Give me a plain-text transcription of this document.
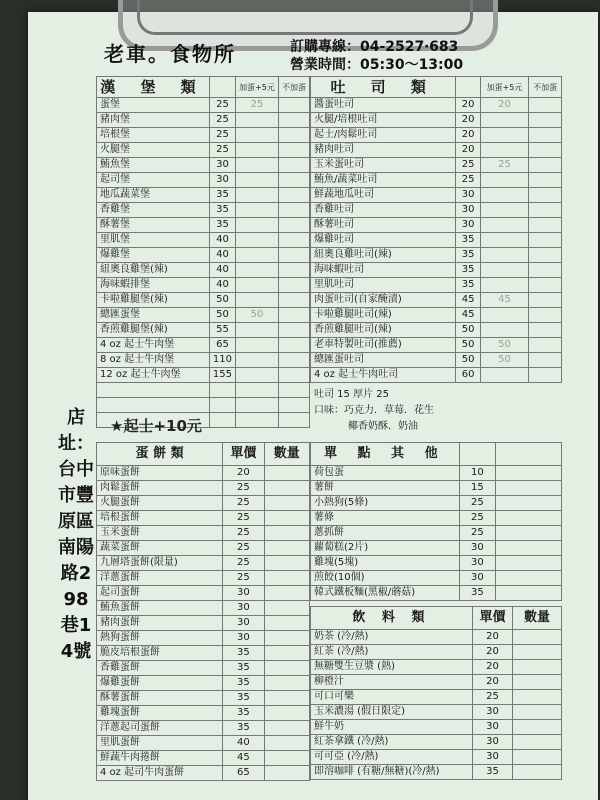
老車。食物所	訂購專線：04-2527‧683
營業時間：05:30～13:00
店址：台中市豐原區南陽路298巷14號
漢 堡 類		加蛋+5元	不加蛋
蛋堡	25	25	
豬肉堡	25		
培根堡	25		
火腿堡	25		
鮪魚堡	30		
起司堡	30		
地瓜蔬菜堡	35		
香雞堡	35		
酥薯堡	35		
里肌堡	40		
爆雞堡	40		
紐奧良雞堡(辣)	40		
海味蝦排堡	40		
卡啦雞腿堡(辣)	50		
總匯蛋堡	50	50	
香煎雞腿堡(辣)	55		
4 oz 起士牛肉堡	65		
8 oz 起士牛肉堡	110		
12 oz 起士牛肉堡	155		

★起士+10元
吐 司 類		加蛋+5元	不加蛋
醬蛋吐司	20	20	
火腿/培根吐司	20		
起士/肉鬆吐司	20		
豬肉吐司	20		
玉米蛋吐司	25	25	
鮪魚/蔬菜吐司	25		
鮮蔬地瓜吐司	30		
香雞吐司	30		
酥薯吐司	30		
爆雞吐司	35		
紐奧良雞吐司(辣)	35		
海味蝦吐司	35		
里肌吐司	35		
肉蛋吐司(自家醃漬)	45	45	
卡啦雞腿吐司(辣)	45		
香煎雞腿吐司(辣)	50		
老車特製吐司(推薦)	50	50	
總匯蛋吐司	50	50	
4 oz 起士牛肉吐司	60		
吐司 15 厚片 25
口味：巧克力．草莓．花生
椰香奶酥．奶油
蛋 餅 類	單價	數量
原味蛋餅	20	
肉鬆蛋餅	25	
火腿蛋餅	25	
培根蛋餅	25	
玉米蛋餅	25	
蔬菜蛋餅	25	
九層塔蛋餅(限量)	25	
洋蔥蛋餅	25	
起司蛋餅	30	
鮪魚蛋餅	30	
豬肉蛋餅	30	
熱狗蛋餅	30	
脆皮培根蛋餅	35	
香雞蛋餅	35	
爆雞蛋餅	35	
酥薯蛋餅	35	
雞塊蛋餅	35	
洋蔥起司蛋餅	35	
里肌蛋餅	40	
鮮蔬牛肉捲餅	45	
4 oz 起司牛肉蛋餅	65	
單 點 其 他		
荷包蛋	10	
薯餅	15	
小熱狗(5條)	25	
薯條	25	
蔥抓餅	25	
蘿蔔糕(2片)	30	
雞塊(5塊)	30	
煎餃(10個)	30	
韓式鐵板麵(黑椒/蘑菇)	35	
飲 料 類	單價	數量
奶茶 (冷/熱)	20	
紅茶 (冷/熱)	20	
無糖雙生豆漿 (熱)	20	
柳橙汁	20	
可口可樂	25	
玉米濃湯 (假日限定)	30	
鮮牛奶	30	
紅茶拿鐵 (冷/熱)	30	
可可亞 (冷/熱)	30	
即溶咖啡 (有糖/無糖)(冷/熱)	35	
